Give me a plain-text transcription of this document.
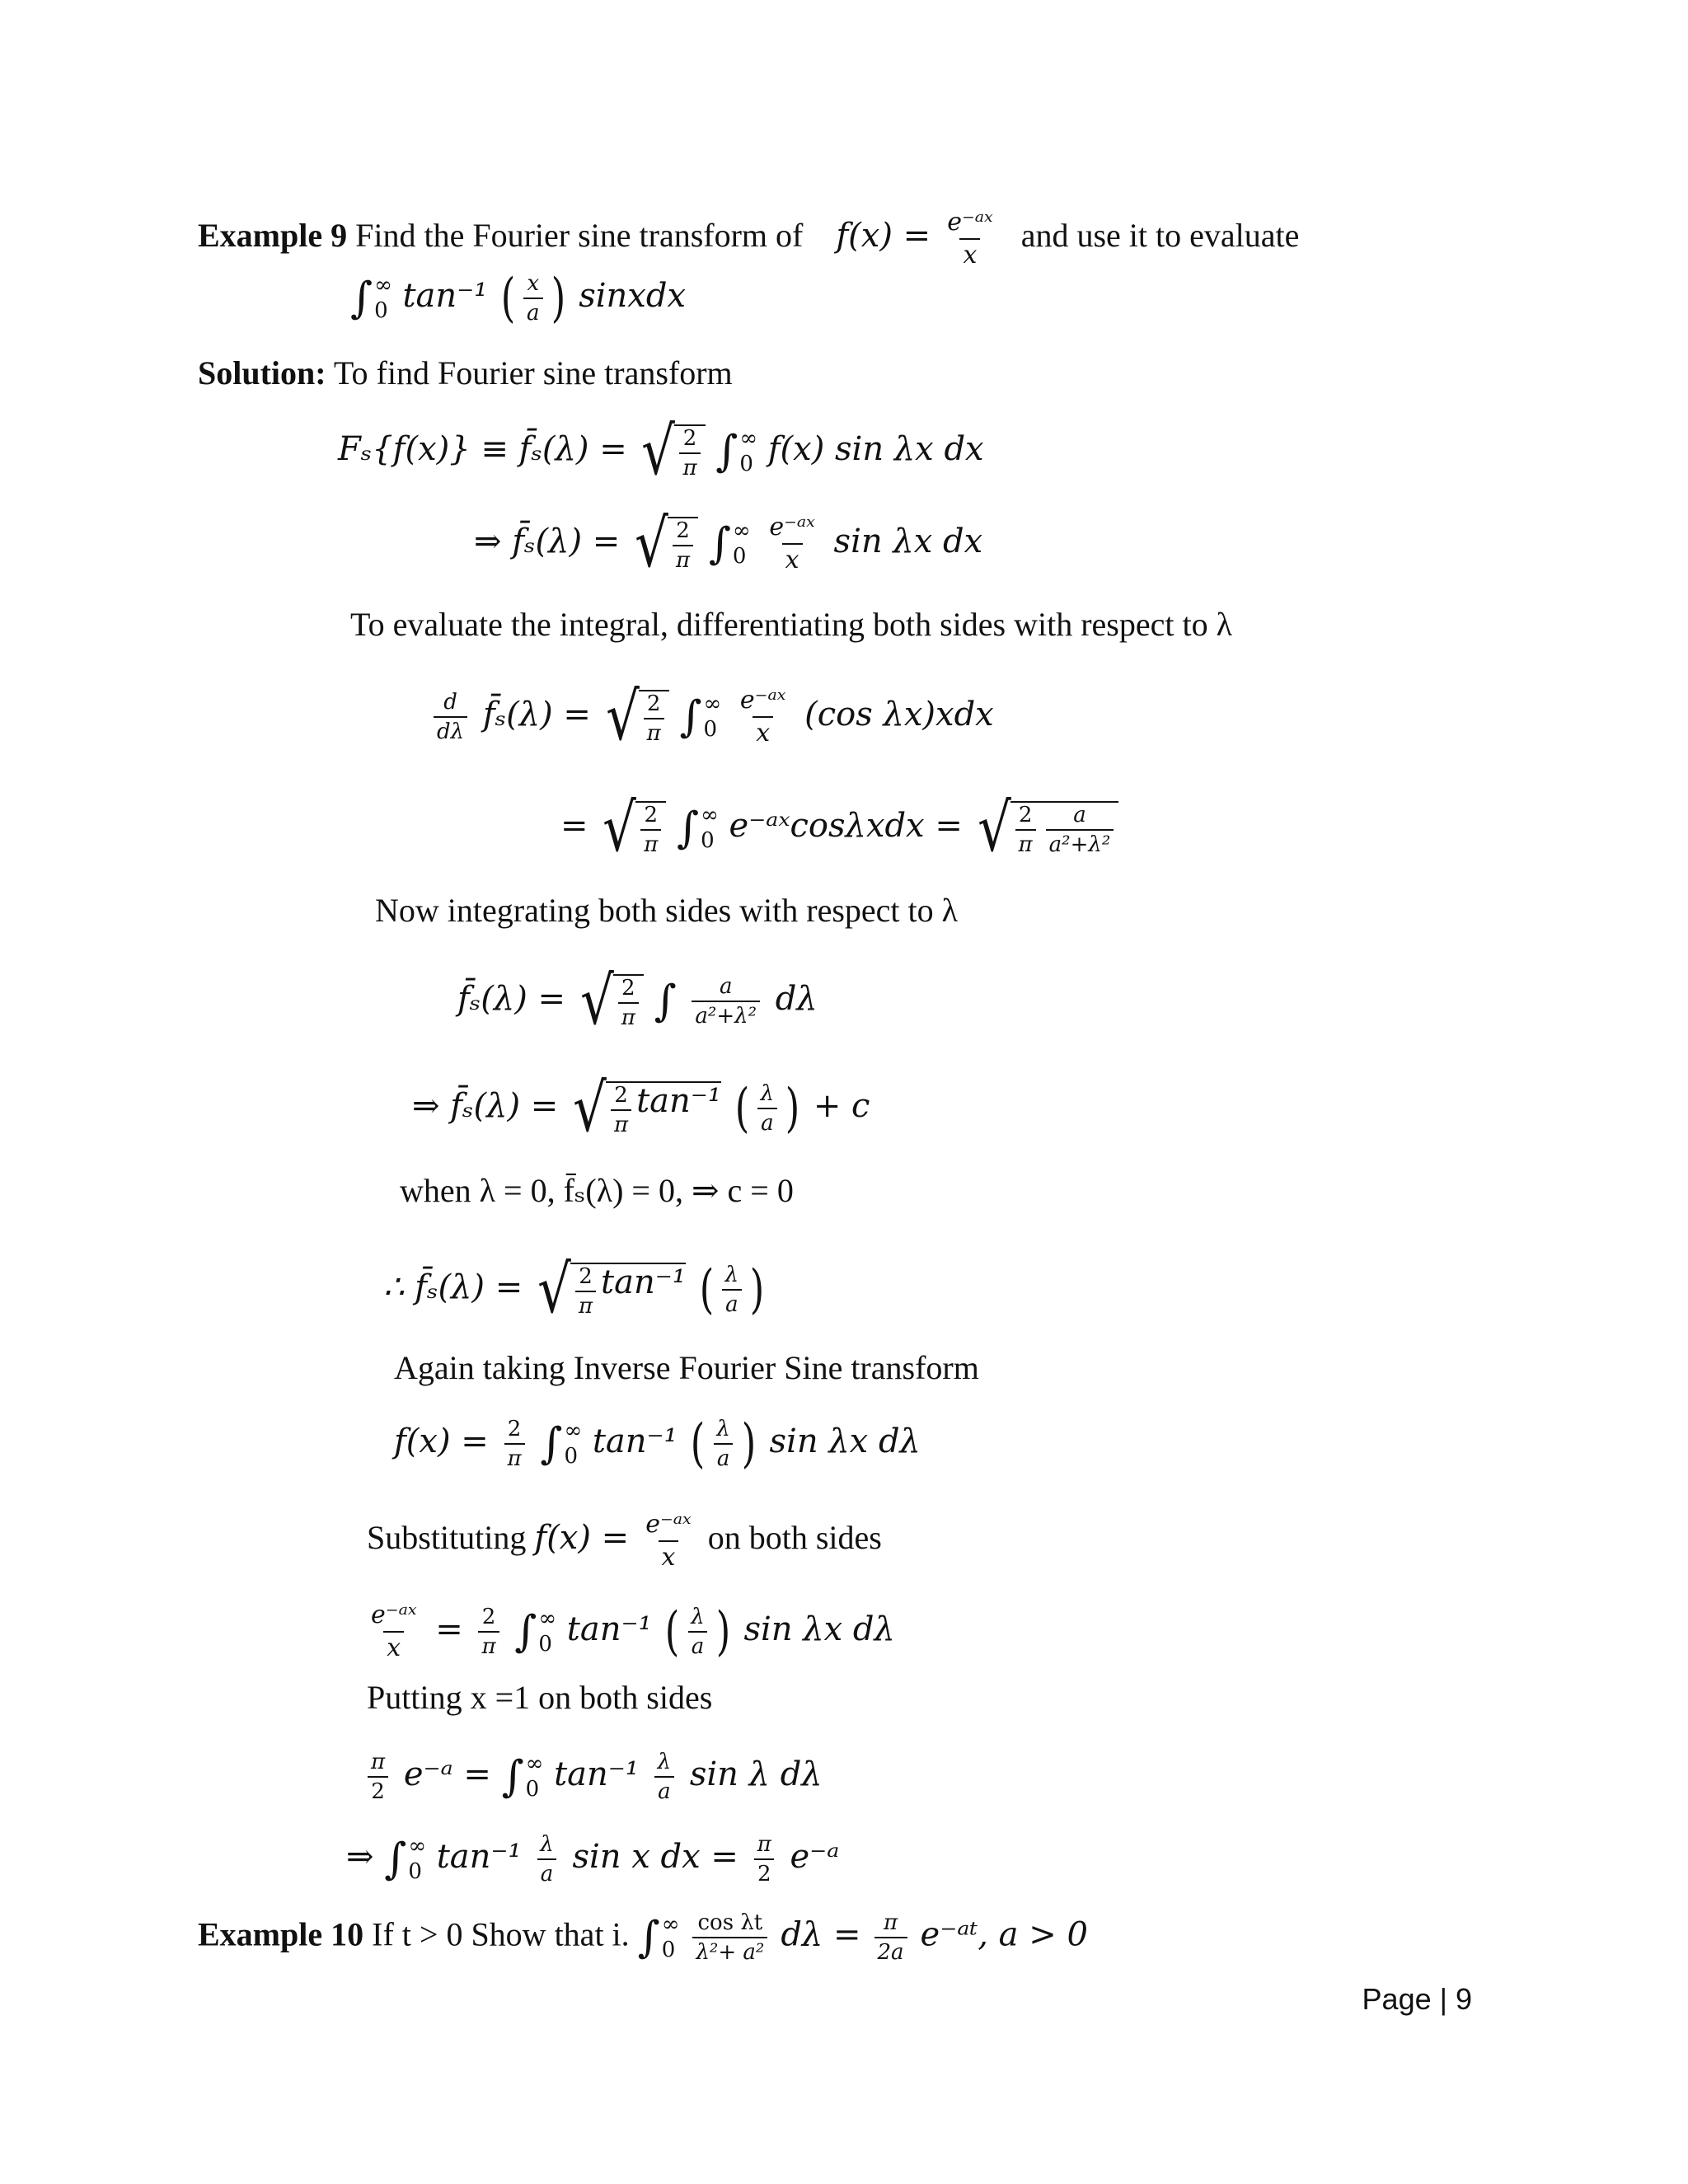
Example 9 Find the Fourier sine transform of $f(x) = \frac{\text{e⁻ᵃˣ}}{x}$ and use it to evaluate
∫ ∞
0 tan⁻¹ ( $\frac{x}{a}$ ) sinxdx
Solution: To find Fourier sine transform
Fₛ{f(x)} ≡ f̄ₛ(λ) = √ $\frac{2}{\pi}$
∫ ∞
0 f(x) sin λx dx
⇒ f̄ₛ(λ) = √ $\frac{2}{\pi}$
∫ ∞
0
$\frac{\text{e⁻ᵃˣ}}{x}$ sin λx dx
To evaluate the integral, differentiating both sides with respect to λ
$\frac{d}{d\lambda}$ f̄ₛ(λ) = √ $\frac{2}{\pi}$
∫ ∞
0
$\frac{\text{e⁻ᵃˣ}}{x} (\cos$ λx)xdx
= √ $\frac{2}{\pi}$
∫ ∞
0 e⁻ᵃˣcosλxdx = √ $\frac{2}{\pi} \frac{a}{\text{a²+λ²}}$
Now integrating both sides with respect to λ
f̄ₛ(λ) = √ $\frac{2}{\pi}$
∫
$\frac{a}{\text{a²+λ²}}$ dλ
⇒ f̄ₛ(λ) = √ $\frac{2}{\pi} \tan^{-1}$
( $\frac{\lambda}{a}$ ) + c
when λ = 0, f̄ₛ(λ) = 0, ⇒ c = 0
∴ f̄ₛ(λ) = √ $\frac{2}{\pi} \tan^{-1}$
( $\frac{\lambda}{a}$ )
Again taking Inverse Fourier Sine transform
$f(x) = \frac{2}{\pi}$
∫ ∞
0 tan⁻¹ ( $\frac{\lambda}{a}$ ) sin λx dλ
Substituting $f(x) = \frac{\text{e⁻ᵃˣ}}{x}$ on both sides
$\frac{\text{e⁻ᵃˣ}}{x} = \frac{2}{\pi}$
∫ ∞
0 tan⁻¹ ( $\frac{\lambda}{a}$ ) sin λx dλ
Putting x =1 on both sides
$\frac{\pi}{2}$ e⁻ᵃ = ∫ ∞
0 $\tan^{-1} \frac{\lambda}{a}$ sin λ dλ
⇒ ∫ ∞
0 $\tan^{-1} \frac{\lambda}{a}$ sin x dx = $\frac{\pi}{2}$ e⁻ᵃ
Example 10 If t > 0 Show that i. ∫ ∞
0
$\frac{\text{cos λt}}{\text{λ²+ a²}}$ $d\lambda = \frac{\pi}{2a}$ e⁻ᵃᵗ, a > 0
Page | 9
